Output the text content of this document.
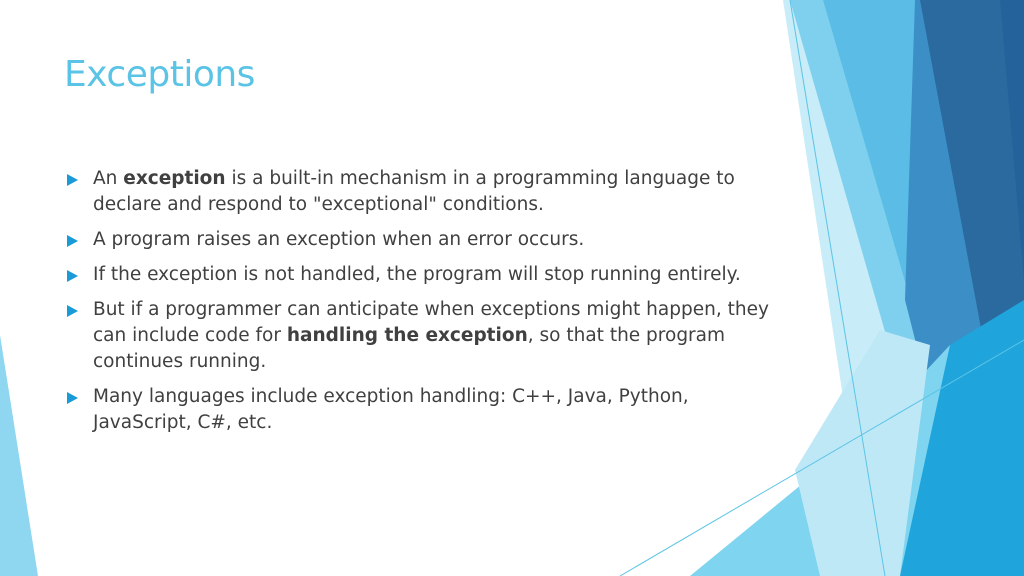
Exceptions
An exception is a built-in mechanism in a programming language to declare and respond to "exceptional" conditions.
A program raises an exception when an error occurs.
If the exception is not handled, the program will stop running entirely.
But if a programmer can anticipate when exceptions might happen, they can include code for handling the exception, so that the program continues running.
Many languages include exception handling: C++, Java, Python, JavaScript, C#, etc.
